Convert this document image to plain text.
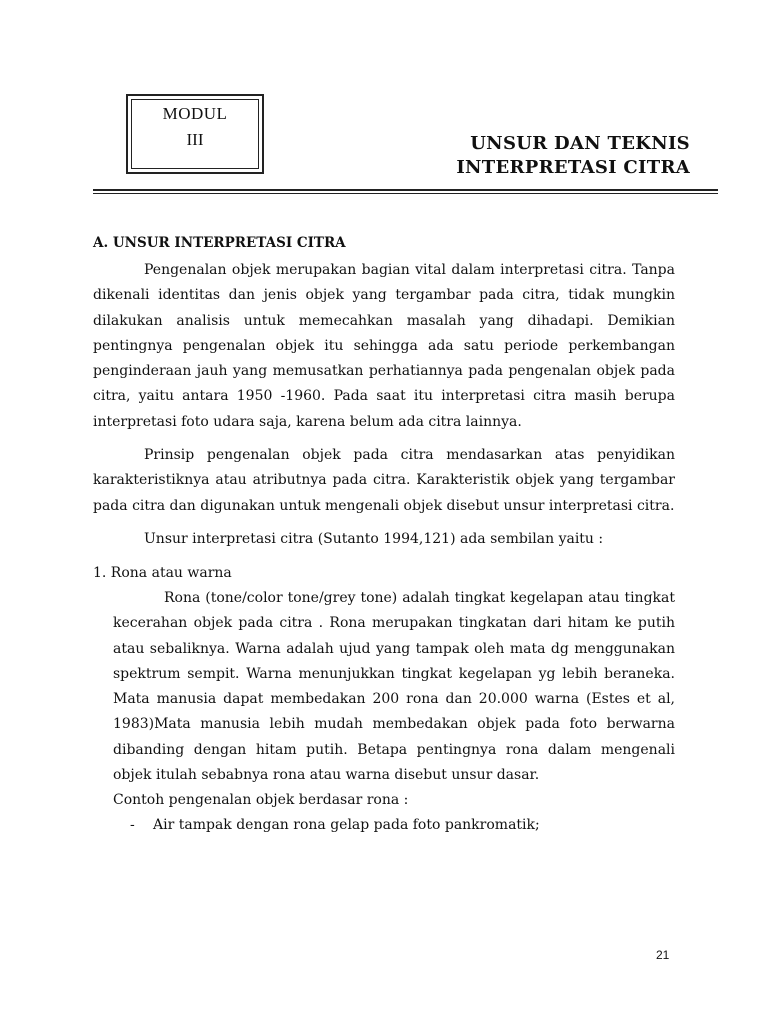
MODUL
III	UNSUR DAN TEKNIS
INTERPRETASI CITRA
A. UNSUR INTERPRETASI CITRA

Pengenalan objek merupakan bagian vital dalam interpretasi citra. Tanpa dikenali identitas dan jenis objek yang tergambar pada citra, tidak mungkin dilakukan analisis untuk memecahkan masalah yang dihadapi. Demikian pentingnya pengenalan objek itu sehingga ada satu periode perkembangan penginderaan jauh yang memusatkan perhatiannya pada pengenalan objek pada citra, yaitu antara 1950 -1960. Pada saat itu interpretasi citra masih berupa interpretasi foto udara saja, karena belum ada citra lainnya.

Prinsip pengenalan objek pada citra mendasarkan atas penyidikan karakteristiknya atau atributnya pada citra. Karakteristik objek yang tergambar pada citra dan digunakan untuk mengenali objek disebut unsur interpretasi citra.

Unsur interpretasi citra (Sutanto 1994,121) ada sembilan yaitu :

1. Rona atau warna

Rona (tone/color tone/grey tone) adalah tingkat kegelapan atau tingkat kecerahan objek pada citra . Rona merupakan tingkatan dari hitam ke putih atau sebaliknya. Warna adalah ujud yang tampak oleh mata dg menggunakan spektrum sempit. Warna menunjukkan tingkat kegelapan yg lebih beraneka. Mata manusia dapat membedakan 200 rona dan 20.000 warna (Estes et al, 1983)Mata manusia lebih mudah membedakan objek pada foto berwarna dibanding dengan hitam putih. Betapa pentingnya rona dalam mengenali objek itulah sebabnya rona atau warna disebut unsur dasar.

Contoh pengenalan objek berdasar rona :

-	Air tampak dengan rona gelap pada foto pankromatik;
21
